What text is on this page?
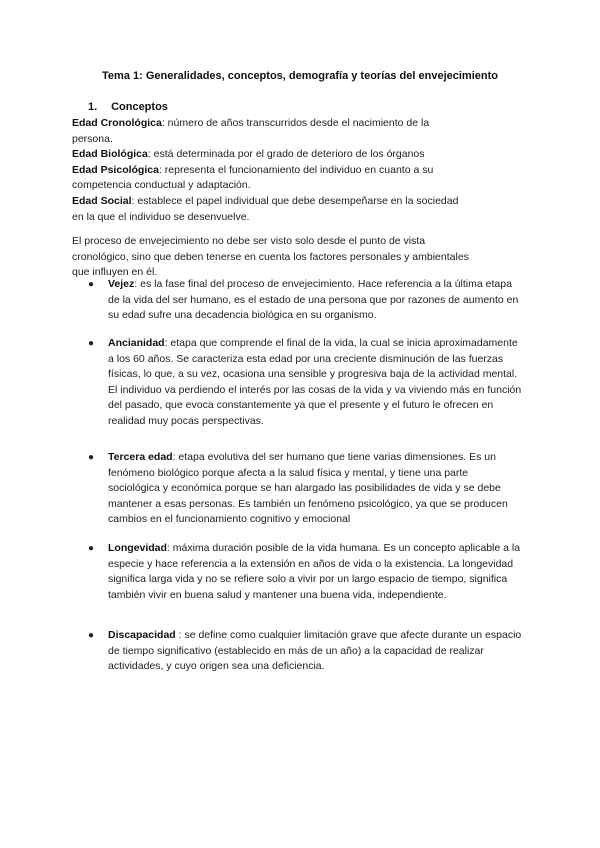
Tema 1: Generalidades, conceptos, demografía y teorías del envejecimiento
1. Conceptos

Edad Cronológica: número de años transcurridos desde el nacimiento de la persona.

Edad Biológica: está determinada por el grado de deterioro de los órganos

Edad Psicológica: representa el funcionamiento del individuo en cuanto a su competencia conductual y adaptación.

Edad Social: establece el papel individual que debe desempeñarse en la sociedad en la que el individuo se desenvuelve.

El proceso de envejecimiento no debe ser visto solo desde el punto de vista cronológico, sino que deben tenerse en cuenta los factores personales y ambientales que influyen en él.

● Vejez: es la fase final del proceso de envejecimiento. Hace referencia a la última etapa de la vida del ser humano, es el estado de una persona que por razones de aumento en su edad sufre una decadencia biológica en su organismo.
● Ancianidad: etapa que comprende el final de la vida, la cual se inicia aproximadamente a los 60 años. Se caracteriza esta edad por una creciente disminución de las fuerzas físicas, lo que, a su vez, ocasiona una sensible y progresiva baja de la actividad mental. El individuo va perdiendo el interés por las cosas de la vida y va viviendo más en función del pasado, que evoca constantemente ya que el presente y el futuro le ofrecen en realidad muy pocas perspectivas.
● Tercera edad: etapa evolutiva del ser humano que tiene varias dimensiones. Es un fenómeno biológico porque afecta a la salud física y mental, y tiene una parte sociológica y económica porque se han alargado las posibilidades de vida y se debe mantener a esas personas. Es también un fenómeno psicológico, ya que se producen cambios en el funcionamiento cognitivo y emocional
● Longevidad: máxima duración posible de la vida humana. Es un concepto aplicable a la especie y hace referencia a la extensión en años de vida o la existencia. La longevidad significa larga vida y no se refiere solo a vivir por un largo espacio de tiempo, significa también vivir en buena salud y mantener una buena vida, independiente.
● Discapacidad : se define como cualquier limitación grave que afecte durante un espacio de tiempo significativo (establecido en más de un año) a la capacidad de realizar actividades, y cuyo origen sea una deficiencia.
